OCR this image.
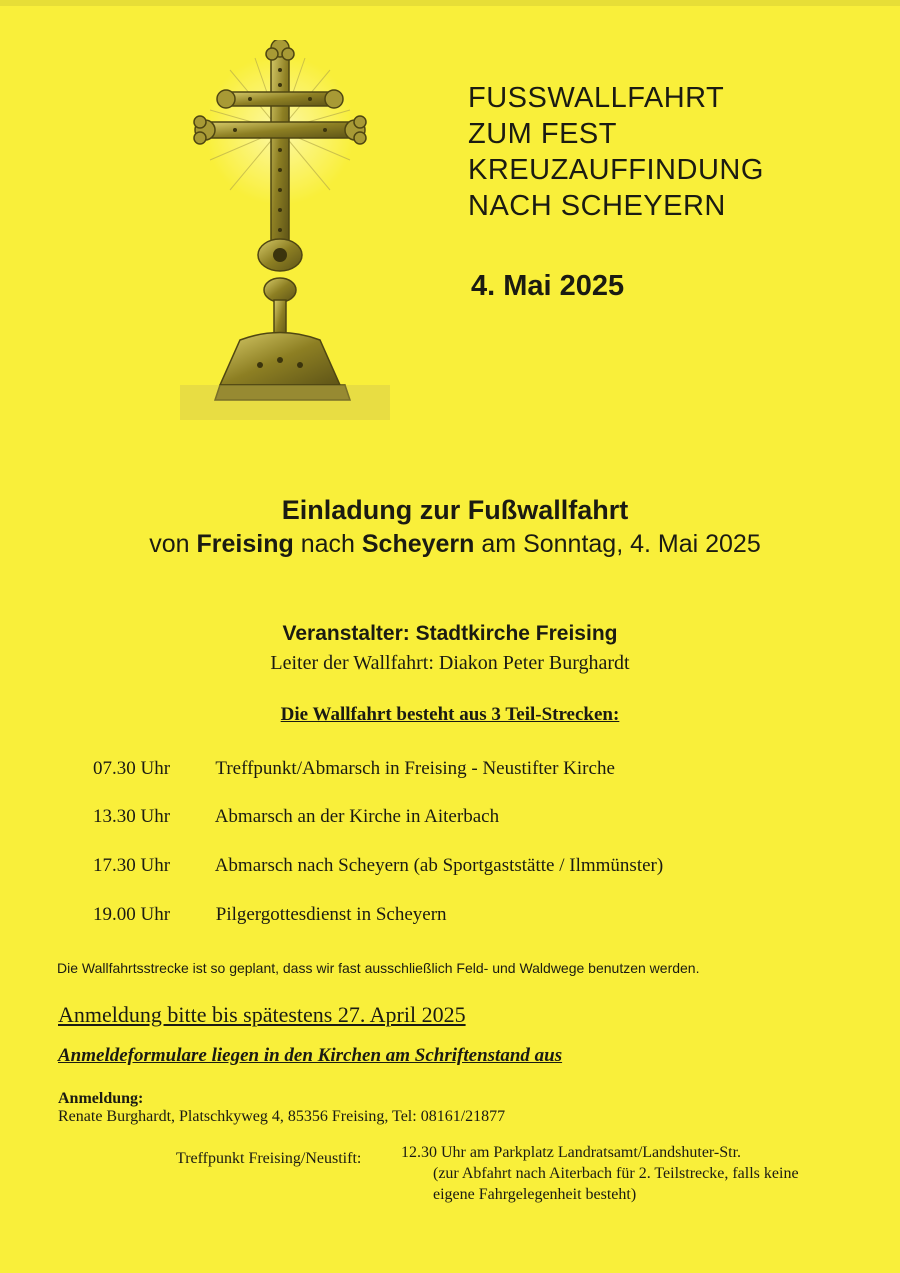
FUSSWALLFAHRT
ZUM FEST
KREUZAUFFINDUNG
NACH SCHEYERN
4. Mai 2025
Einladung zur Fußwallfahrt
von Freising nach Scheyern am Sonntag, 4. Mai 2025
Veranstalter: Stadtkirche Freising
Leiter der Wallfahrt: Diakon Peter Burghardt
Die Wallfahrt besteht aus 3 Teil-Strecken:
07.30 Uhr Treffpunkt/Abmarsch in Freising - Neustifter Kirche
13.30 Uhr Abmarsch an der Kirche in Aiterbach
17.30 Uhr Abmarsch nach Scheyern (ab Sportgaststätte / Ilmmünster)
19.00 Uhr Pilgergottesdienst in Scheyern
Die Wallfahrtsstrecke ist so geplant, dass wir fast ausschließlich Feld- und Waldwege benutzen werden.
Anmeldung bitte bis spätestens 27. April 2025
Anmeldeformulare liegen in den Kirchen am Schriftenstand aus
Anmeldung:
Renate Burghardt, Platschkyweg 4, 85356 Freising, Tel: 08161/21877
Treffpunkt Freising/Neustift: 12.30 Uhr am Parkplatz Landratsamt/Landshuter-Str.
(zur Abfahrt nach Aiterbach für 2. Teilstrecke, falls keine
eigene Fahrgelegenheit besteht)
